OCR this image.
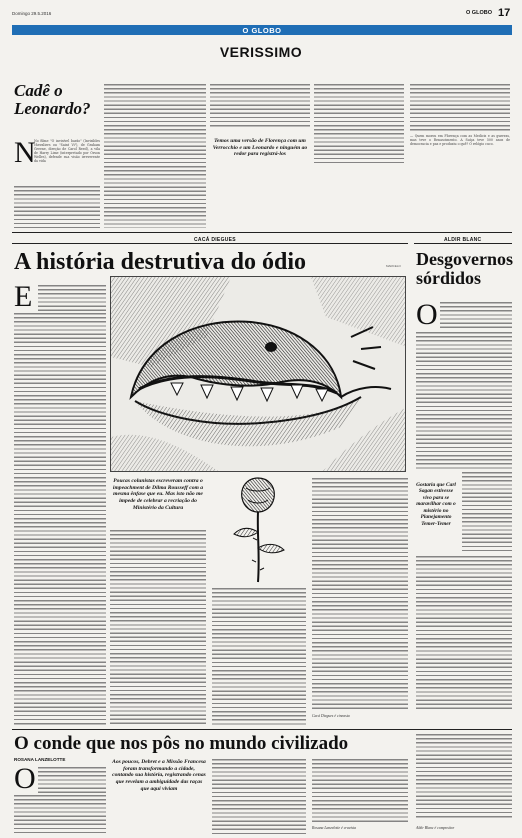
Domingo 29.5.2016	O GLOBO 17
O GLOBO
VERISSIMO
Cadê o Leonardo?
N
No filme "O invisível barão" (Invisibles chevaliers ou "Saint Vi"), de Graham Greene, direção de Carol Reed), a vila de Harry Lime (interpretado por Orson Welles), defende sua visão irreverente da vida
Temos uma versão de Florença com um Verrocchio e um Leonardo e ninguém ao redor para registrá-los
— Quem morou em Florença com as Medicis e as guerras, mas teve o Renascimento. A Suíça teve 500 anos de democracia e paz e produziu o quê? O relógio cuco.
CACÁ DIEGUES
A história destrutiva do ódio	MARCELO
E
Poucas colunistas escreveram contra o impeachment de Dilma Rousseff com a mesma ênfase que eu. Mas isto não me impede de celebrar a recriação do Ministério da Cultura
Cacá Diegues é cineasta
ALDIR BLANC
Desgovernos sórdidos
O
Gostaria que Carl Sagan estivesse vivo para se maravilhar com o mistério no Planejamento Temer-Temer
O conde que nos pôs no mundo civilizado
ROSANA LANZELOTTE
O	Aos poucos, Debret e a Missão Francesa foram transformando a cidade, contando sua história, registrando cenas que revelam a ambiguidade das raças que aqui viviam
Rosana Lanzelotte é cravista	Aldir Blanc é compositor
